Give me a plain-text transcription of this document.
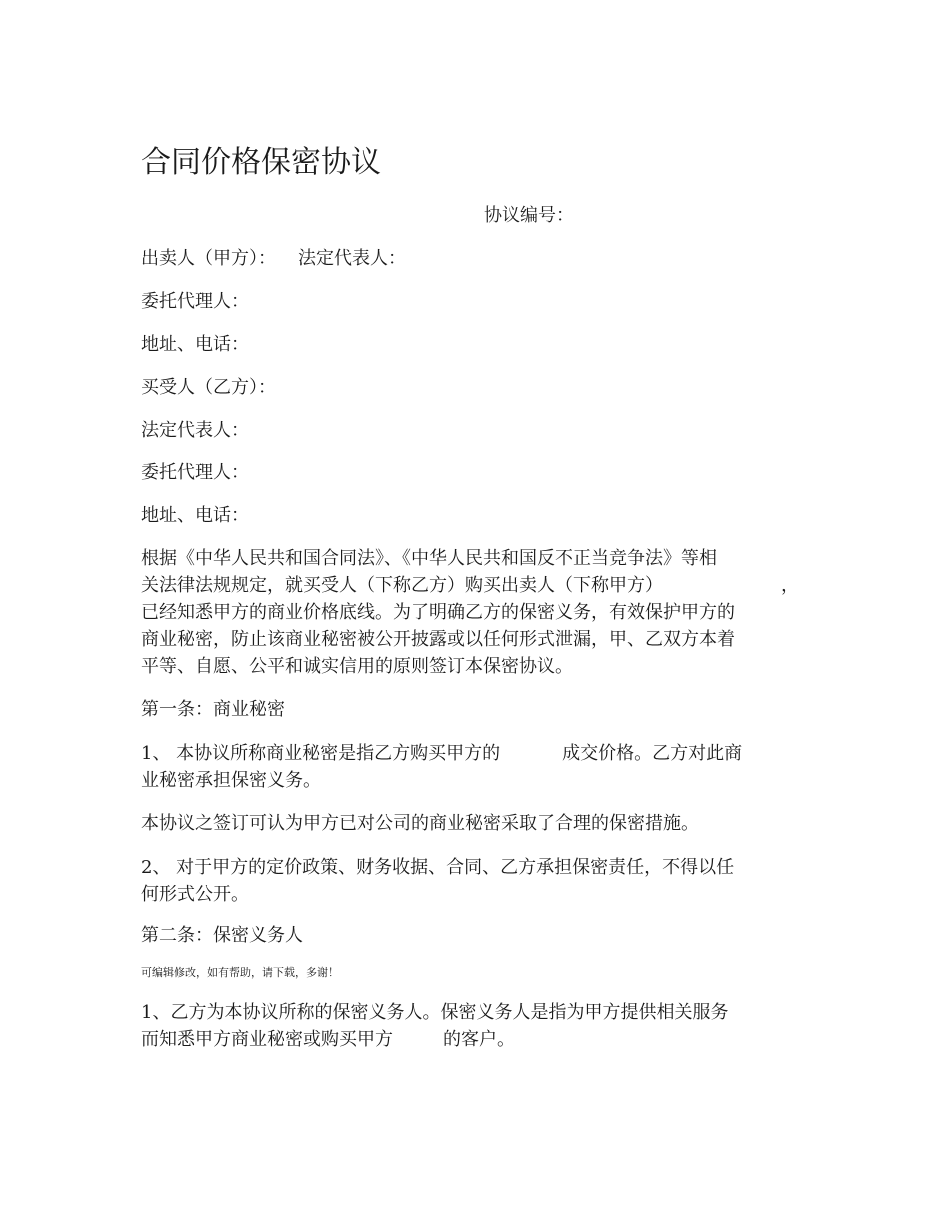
合同价格保密协议
协议编号：
出卖人（甲方）： 法定代表人：
委托代理人：
地址、电话：
买受人（乙方）：
法定代表人：
委托代理人：
地址、电话：
根据《中华人民共和国合同法》、《中华人民共和国反不正当竞争法》等相
关法律法规规定，就买受人（下称乙方）购买出卖人（下称甲方）	，
已经知悉甲方的商业价格底线。为了明确乙方的保密义务，有效保护甲方的
商业秘密，防止该商业秘密被公开披露或以任何形式泄漏，甲、乙双方本着
平等、自愿、公平和诚实信用的原则签订本保密协议。
第一条：商业秘密
1、 本协议所称商业秘密是指乙方购买甲方的	成交价格。乙方对此商
业秘密承担保密义务。
本协议之签订可认为甲方已对公司的商业秘密采取了合理的保密措施。
2、 对于甲方的定价政策、财务收据、合同、乙方承担保密责任，不得以任
何形式公开。
第二条：保密义务人
可编辑修改，如有帮助，请下载，多谢！
1、乙方为本协议所称的保密义务人。保密义务人是指为甲方提供相关服务
而知悉甲方商业秘密或购买甲方	的客户。
